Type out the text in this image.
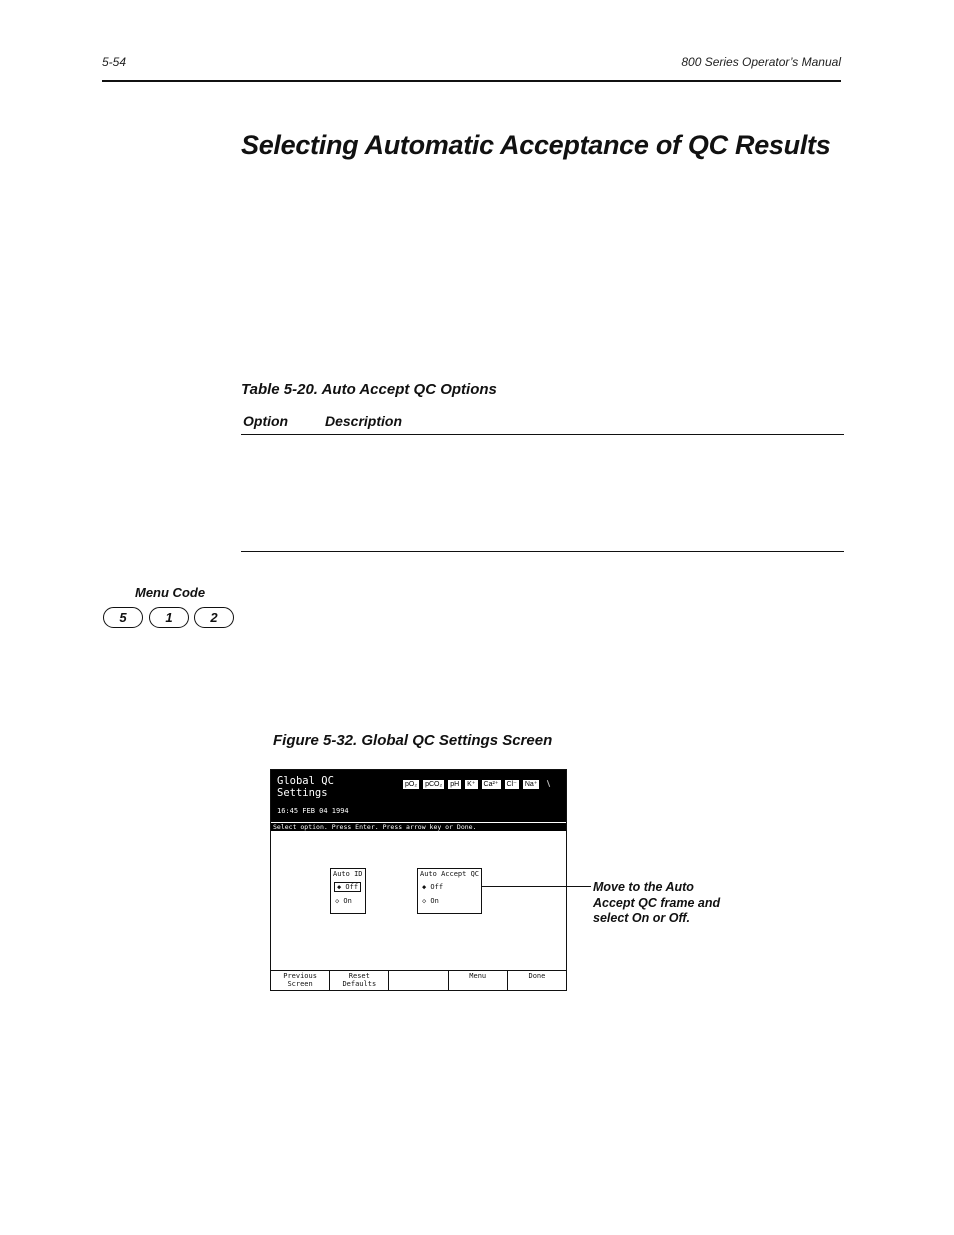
5-54	800 Series Operator’s Manual
Selecting Automatic Acceptance of QC Results
Table 5-20. Auto Accept QC Options
Option	Description
Menu Code
5	1	2
Figure 5-32. Global QC Settings Screen
Global QC
Settings
pO₂	pCO₂	pH	K⁺	Ca²⁺	Cl⁻	Na⁺
16:45 FEB 04 1994
Select option. Press Enter. Press arrow key or Done.
Auto ID
◆ Off
◇ On
Auto Accept QC
◆ Off
◇ On
Previous
Screen
Reset
Defaults
Menu	Done
Move to the Auto
Accept QC frame and
select On or Off.
